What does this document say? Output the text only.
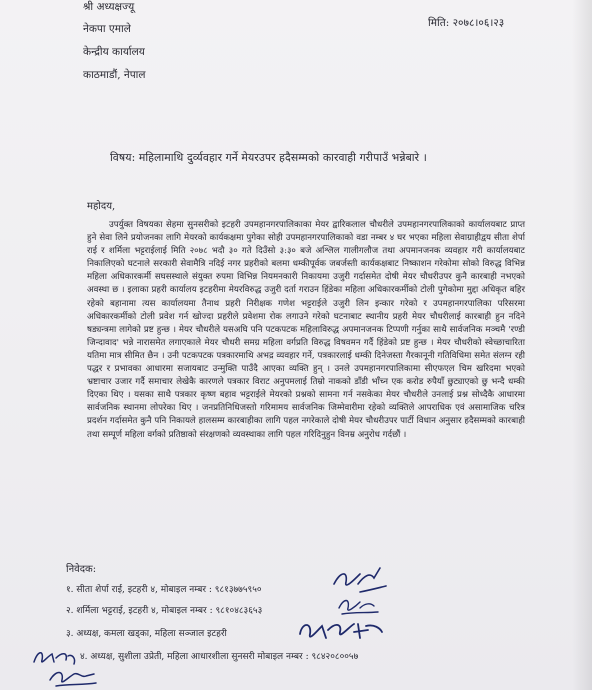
श्री अध्यक्षज्यू
नेकपा एमाले
केन्द्रीय कार्यालय
काठमाडौं, नेपाल
मिति: २०७८।०६।२३
विषय: महिलामाथि दुर्व्यवहार गर्ने मेयरउपर हदैसम्मको कारवाही गरीपाउँ भन्नेबारे ।
महोदय,

उपर्युक्त विषयका सेहमा सुनसरीको इटहरी उपमहानगरपालिकाका मेयर द्वारिकलाल चौधरीले उपमहानगरपालिकाको कार्यालयबाट प्राप्त हुने सेवा लिने प्रयोजनका लागि मेयरको कार्यकक्षमा पुगेका सोही उपमहानगरपालिकाको वडा नम्बर ४ घर भएका महिला सेवाग्राहीद्वय सीता शेर्पा राई र शर्मिला भट्टराईलाई मिति २०७८ भदौ ३० गते दिउँसो ३:३० बजे अश्लिल गालीगलौज तथा अपमानजनक व्यवहार गरी कार्यालयबाट निकालिएको घटनाले सरकारी सेवामैत्रि नदिई नगर प्रहरीको बलमा धम्कीपूर्वक जबर्जस्ती कार्यकक्षबाट निष्काशन गरेकोमा सोको विरुद्ध विभिन्न महिला अधिकारकर्मी सघसस्थाले संयुक्त रुपमा विभिन्न नियमनकारी निकायमा उजुरी गर्दासमेत दोषी मेयर चौधरीउपर कुनै कारबाही नभएको अवस्था छ । इलाका प्रहरी कार्यालय इटहरीमा मेयरविरुद्ध उजुरी दर्ता गराउन हिंडेका महिला अधिकारकर्मीको टोली पुगेकोमा मुद्दा अधिकृत बहिर रहेको बहानामा त्यस कार्यालयमा तैनाथ प्रहरी निरीक्षक गणेश भट्टराईले उजुरी लिन इन्कार गरेको र उपमहानगरपालिका परिसरमा अधिकारकर्मीको टोली प्रवेश गर्न खोज्दा प्रहरीले प्रवेशमा रोक लगाउने गरेको घटनाबाट स्थानीय प्रहरी मेयर चौधरीलाई कारबाही हुन नदिने षड्यन्त्रमा लागेको प्रष्ट हुन्छ । मेयर चौधरीले यसअघि पनि पटकपटक महिलाविरुद्ध अपमानजनक टिप्पणी गर्नुका साथै सार्वजनिक मञ्चमै 'रण्डी जिन्दावाद' भन्ने नारासमेत लगाएकाले मेयर चौधरी समग्र महिला वर्गप्रति विरुद्ध विषवमन गर्दै हिंडेको प्रष्ट हुन्छ । मेयर चौधरीको स्वेच्छाचारिता यतिमा मात्र सीमित छैन । उनी पटकपटक पत्रकारमाथि अभद्र व्यवहार गर्ने, पत्रकारलाई धम्की दिनेजस्ता गैरकानूनी गतिविधिमा समेत संलग्न रही पद्धर र प्रभावका आधारमा सजायबाट उन्मुक्ति पाउँदै आएका व्यक्ति हुन् । उनले उपमहानगरपालिकामा सीएफएल चिम खरिदमा भएको भ्रष्टाचार उजार गर्दै समाचार लेखेकै कारणले पत्रकार विराट अनुपमलाई तिम्रो नाकको डाँडी भाँच्न एक करोड रुपैयाँ छुट्याएको छु भन्दै धम्की दिएका थिए । यसका साथै पत्रकार कृष्ण बहाव भट्टराईले मेयरको प्रश्नको सामना गर्न नसकेका मेयर चौधरीले उनलाई प्रश्न सोध्दैकै आधारमा सार्वजनिक स्थानमा लोपरेका थिए । जनप्रतिनिधिजस्तो गरिमामय सार्वजनिक जिम्मेवारीमा रहेको व्यक्तिले आपराधिक एवं असामाजिक चरित्र प्रदर्शन गर्दासमेत कुनै पनि निकायले हालसम्म कारबाहीका लागि पहल नगरेकाले दोषी मेयर चौधरीउपर पार्टी विधान अनुसार हदैसम्मको कारबाही तथा सम्पूर्ण महिला वर्गको प्रतिष्ठाको संरक्षणको व्यवस्थाका लागि पहल गरिदिनुहुन विनम्र अनुरोध गर्दछौं ।

निवेदक:
१. सीता शेर्पा राई, इटहरी ४, मोबाइल नम्बर : ९८१३७७५९५०
२. शर्मिला भट्टराई, इटहरी ४, मोबाइल नम्बर : ९८१०४८३६५३
३. अध्यक्ष, कमला खड्का, महिला सञ्जाल इटहरी
४. अध्यक्ष, सुशीला उप्रेती, महिला आधारशीला सुनसरी मोबाइल नम्बर : ९८४२०८००५७
